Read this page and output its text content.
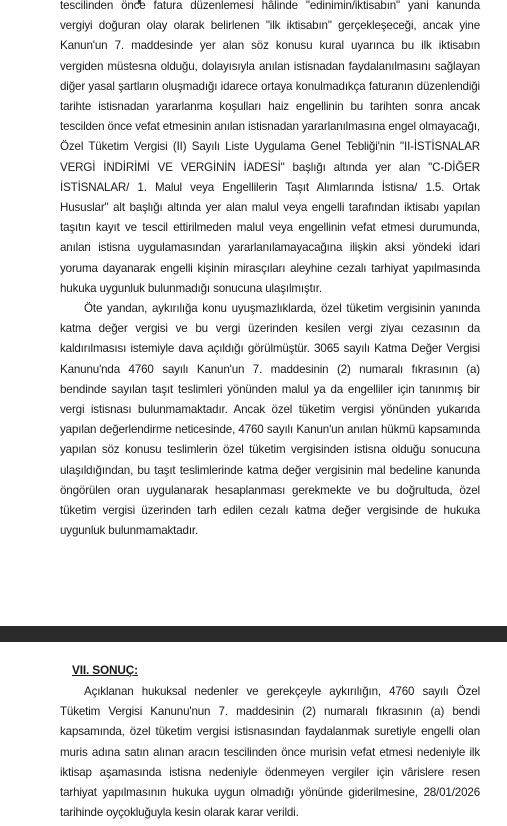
tescilinden önce fatura düzenlemesi hâlinde "edinimin/iktisabın" yani kanunda vergiyi doğuran olay olarak belirlenen "ilk iktisabın" gerçekleşeceği, ancak yine Kanun'un 7. maddesinde yer alan söz konusu kural uyarınca bu ilk iktisabın vergiden müstesna olduğu, dolayısıyla anılan istisnadan faydalanılmasını sağlayan diğer yasal şartların oluşmadığı idarece ortaya konulmadıkça faturanın düzenlendiği tarihte istisnadan yararlanma koşulları haiz engellinin bu tarihten sonra ancak tescilden önce vefat etmesinin anılan istisnadan yararlanılmasına engel olmayacağı, Özel Tüketim Vergisi (II) Sayılı Liste Uygulama Genel Tebliği'nin "II-İSTİSNALAR VERGİ İNDİRİMİ VE VERGİNİN İADESİ" başlığı altında yer alan "C-DİĞER İSTİSNALAR/ 1. Malul veya Engellilerin Taşıt Alımlarında İstisna/ 1.5. Ortak Hususlar" alt başlığı altında yer alan malul veya engelli tarafından iktisabı yapılan taşıtın kayıt ve tescil ettirilmeden malul veya engellinin vefat etmesi durumunda, anılan istisna uygulamasından yararlanılamayacağına ilişkin aksi yöndeki idari yoruma dayanarak engelli kişinin mirasçıları aleyhine cezalı tarhiyat yapılmasında hukuka uygunluk bulunmadığı sonucuna ulaşılmıştır.

Öte yandan, aykırılığa konu uyuşmazlıklarda, özel tüketim vergisinin yanında katma değer vergisi ve bu vergi üzerinden kesilen vergi ziyaı cezasının da kaldırılmasısı istemiyle dava açıldığı görülmüştür. 3065 sayılı Katma Değer Vergisi Kanunu'nda 4760 sayılı Kanun'un 7. maddesinin (2) numaralı fıkrasının (a) bendinde sayılan taşıt teslimleri yönünden malul ya da engelliler için tanınmış bir vergi istisnası bulunmamaktadır. Ancak özel tüketim vergisi yönünden yukarıda yapılan değerlendirme neticesinde, 4760 sayılı Kanun'un anılan hükmü kapsamında yapılan söz konusu teslimlerin özel tüketim vergisinden istisna olduğu sonucuna ulaşıldığından, bu taşıt teslimlerinde katma değer vergisinin mal bedeline kanunda öngörülen oran uygulanarak hesaplanması gerekmekte ve bu doğrultuda, özel tüketim vergisi üzerinden tarh edilen cezalı katma değer vergisinde de hukuka uygunluk bulunmamaktadır.

VII. SONUÇ:

Açıklanan hukuksal nedenler ve gerekçeyle aykırılığın, 4760 sayılı Özel Tüketim Vergisi Kanunu'nun 7. maddesinin (2) numaralı fıkrasının (a) bendi kapsamında, özel tüketim vergisi istisnasından faydalanmak suretiyle engelli olan muris adına satın alınan aracın tescilinden önce murisin vefat etmesi nedeniyle ilk iktisap aşamasında istisna nedeniyle ödenmeyen vergiler için vârislere resen tarhiyat yapılmasının hukuka uygun olmadığı yönünde giderilmesine, 28/01/2026 tarihinde oyçokluğuyla kesin olarak karar verildi.
